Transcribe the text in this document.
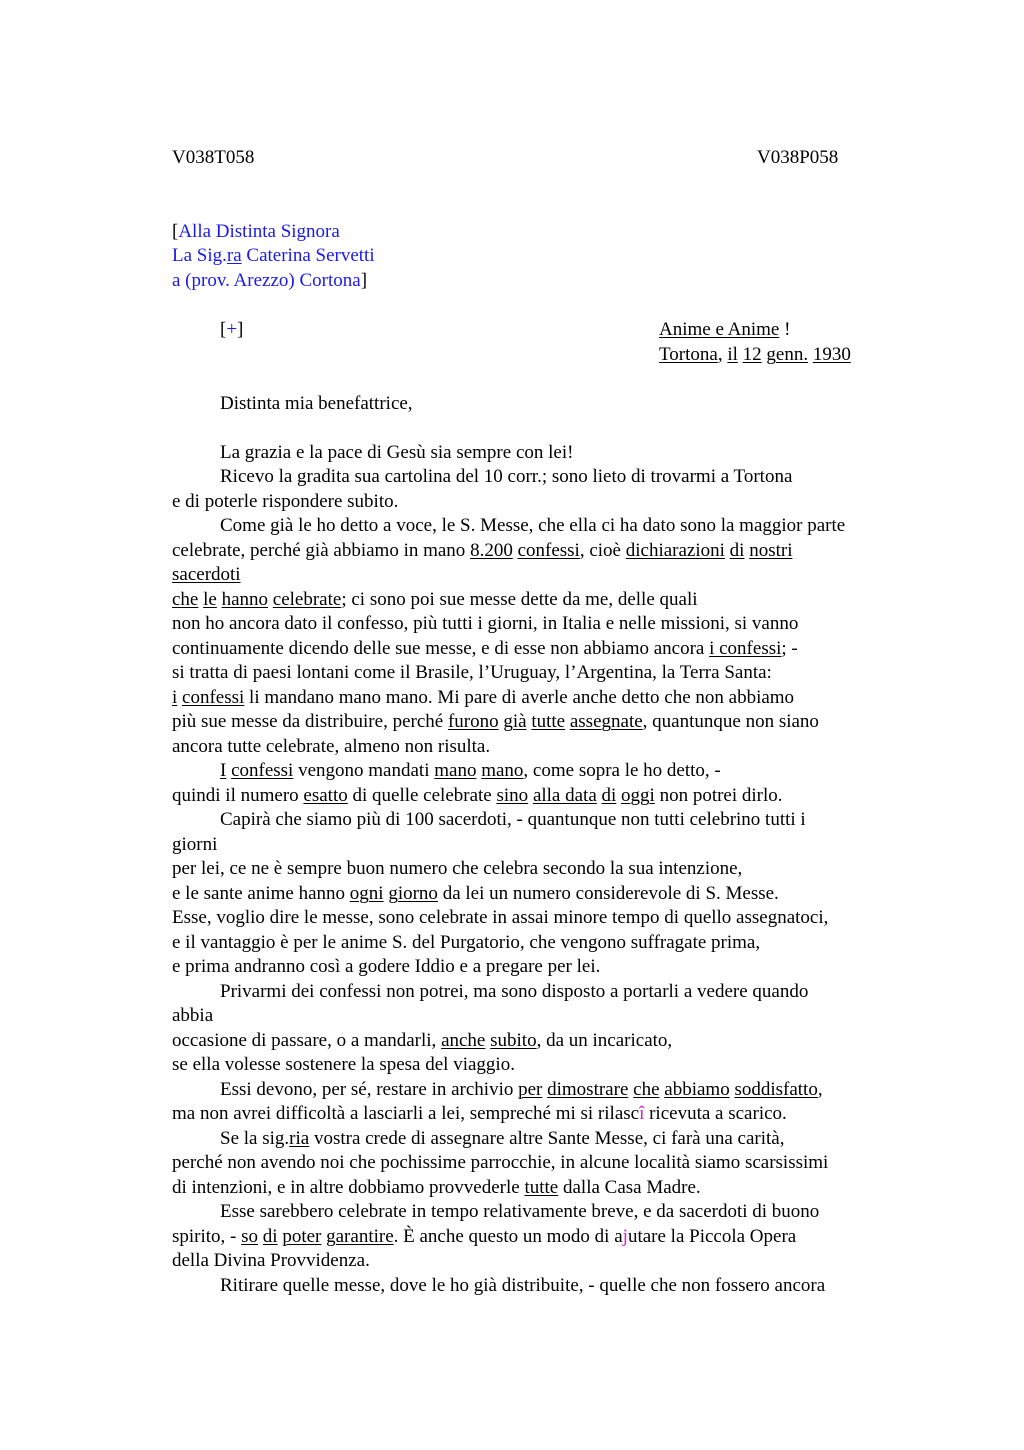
V038T058	V038P058
[Alla Distinta Signora
La Sig.ra Caterina Servetti
a (prov. Arezzo) Cortona]
[+]	Anime e Anime !
Tortona, il 12 genn. 1930
Distinta mia benefattrice,
La grazia e la pace di Gesù sia sempre con lei!
Ricevo la gradita sua cartolina del 10 corr.; sono lieto di trovarmi a Tortona
e di poterle rispondere subito.
Come già le ho detto a voce, le S. Messe, che ella ci ha dato sono la maggior parte
celebrate, perché già abbiamo in mano 8.200 confessi, cioè dichiarazioni di nostri
sacerdoti
che le hanno celebrate; ci sono poi sue messe dette da me, delle quali
non ho ancora dato il confesso, più tutti i giorni, in Italia e nelle missioni, si vanno
continuamente dicendo delle sue messe, e di esse non abbiamo ancora i confessi; -
si tratta di paesi lontani come il Brasile, l’Uruguay, l’Argentina, la Terra Santa:
i confessi li mandano mano mano. Mi pare di averle anche detto che non abbiamo
più sue messe da distribuire, perché furono già tutte assegnate, quantunque non siano
ancora tutte celebrate, almeno non risulta.
I confessi vengono mandati mano mano, come sopra le ho detto, -
quindi il numero esatto di quelle celebrate sino alla data di oggi non potrei dirlo.
Capirà che siamo più di 100 sacerdoti, - quantunque non tutti celebrino tutti i
giorni
per lei, ce ne è sempre buon numero che celebra secondo la sua intenzione,
e le sante anime hanno ogni giorno da lei un numero considerevole di S. Messe.
Esse, voglio dire le messe, sono celebrate in assai minore tempo di quello assegnatoci,
e il vantaggio è per le anime S. del Purgatorio, che vengono suffragate prima,
e prima andranno così a godere Iddio e a pregare per lei.
Privarmi dei confessi non potrei, ma sono disposto a portarli a vedere quando
abbia
occasione di passare, o a mandarli, anche subito, da un incaricato,
se ella volesse sostenere la spesa del viaggio.
Essi devono, per sé, restare in archivio per dimostrare che abbiamo soddisfatto,
ma non avrei difficoltà a lasciarli a lei, sempreché mi si rilascî ricevuta a scarico.
Se la sig.ria vostra crede di assegnare altre Sante Messe, ci farà una carità,
perché non avendo noi che pochissime parrocchie, in alcune località siamo scarsissimi
di intenzioni, e in altre dobbiamo provvederle tutte dalla Casa Madre.
Esse sarebbero celebrate in tempo relativamente breve, e da sacerdoti di buono
spirito, - so di poter garantire. È anche questo un modo di ajutare la Piccola Opera
della Divina Provvidenza.
Ritirare quelle messe, dove le ho già distribuite, - quelle che non fossero ancora
